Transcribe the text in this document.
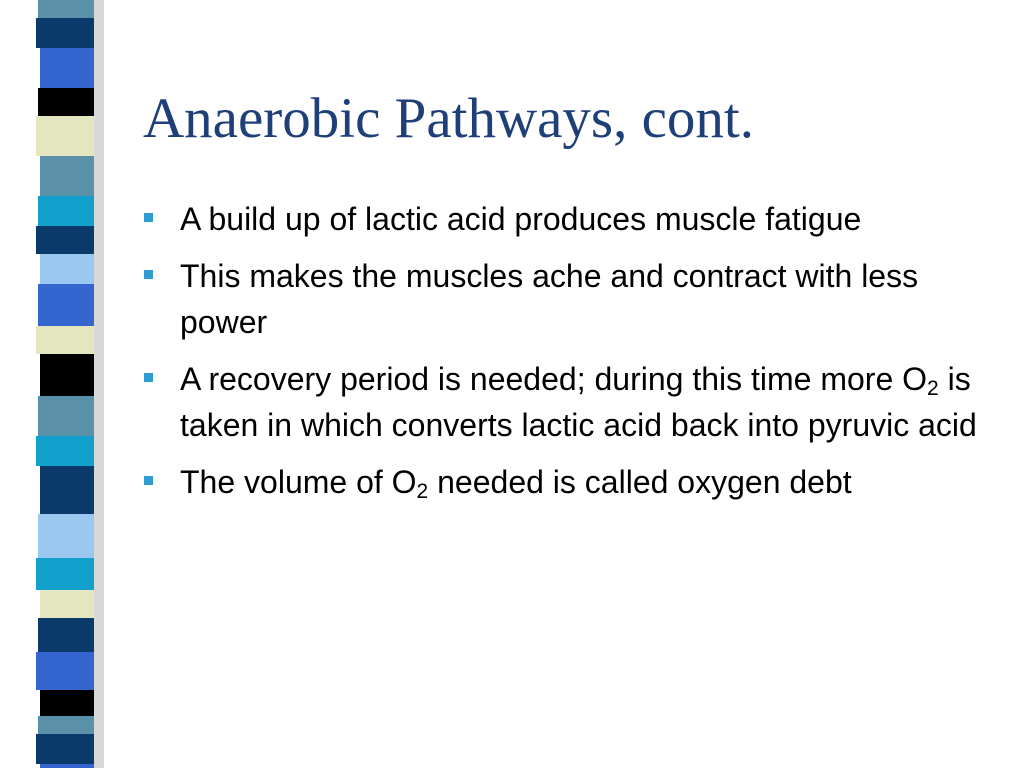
Anaerobic Pathways, cont.
A build up of lactic acid produces muscle fatigue
This makes the muscles ache and contract with less power
A recovery period is needed; during this time more $O_2$ is taken in which converts lactic acid back into pyruvic acid
The volume of $O_2$ needed is called oxygen debt
